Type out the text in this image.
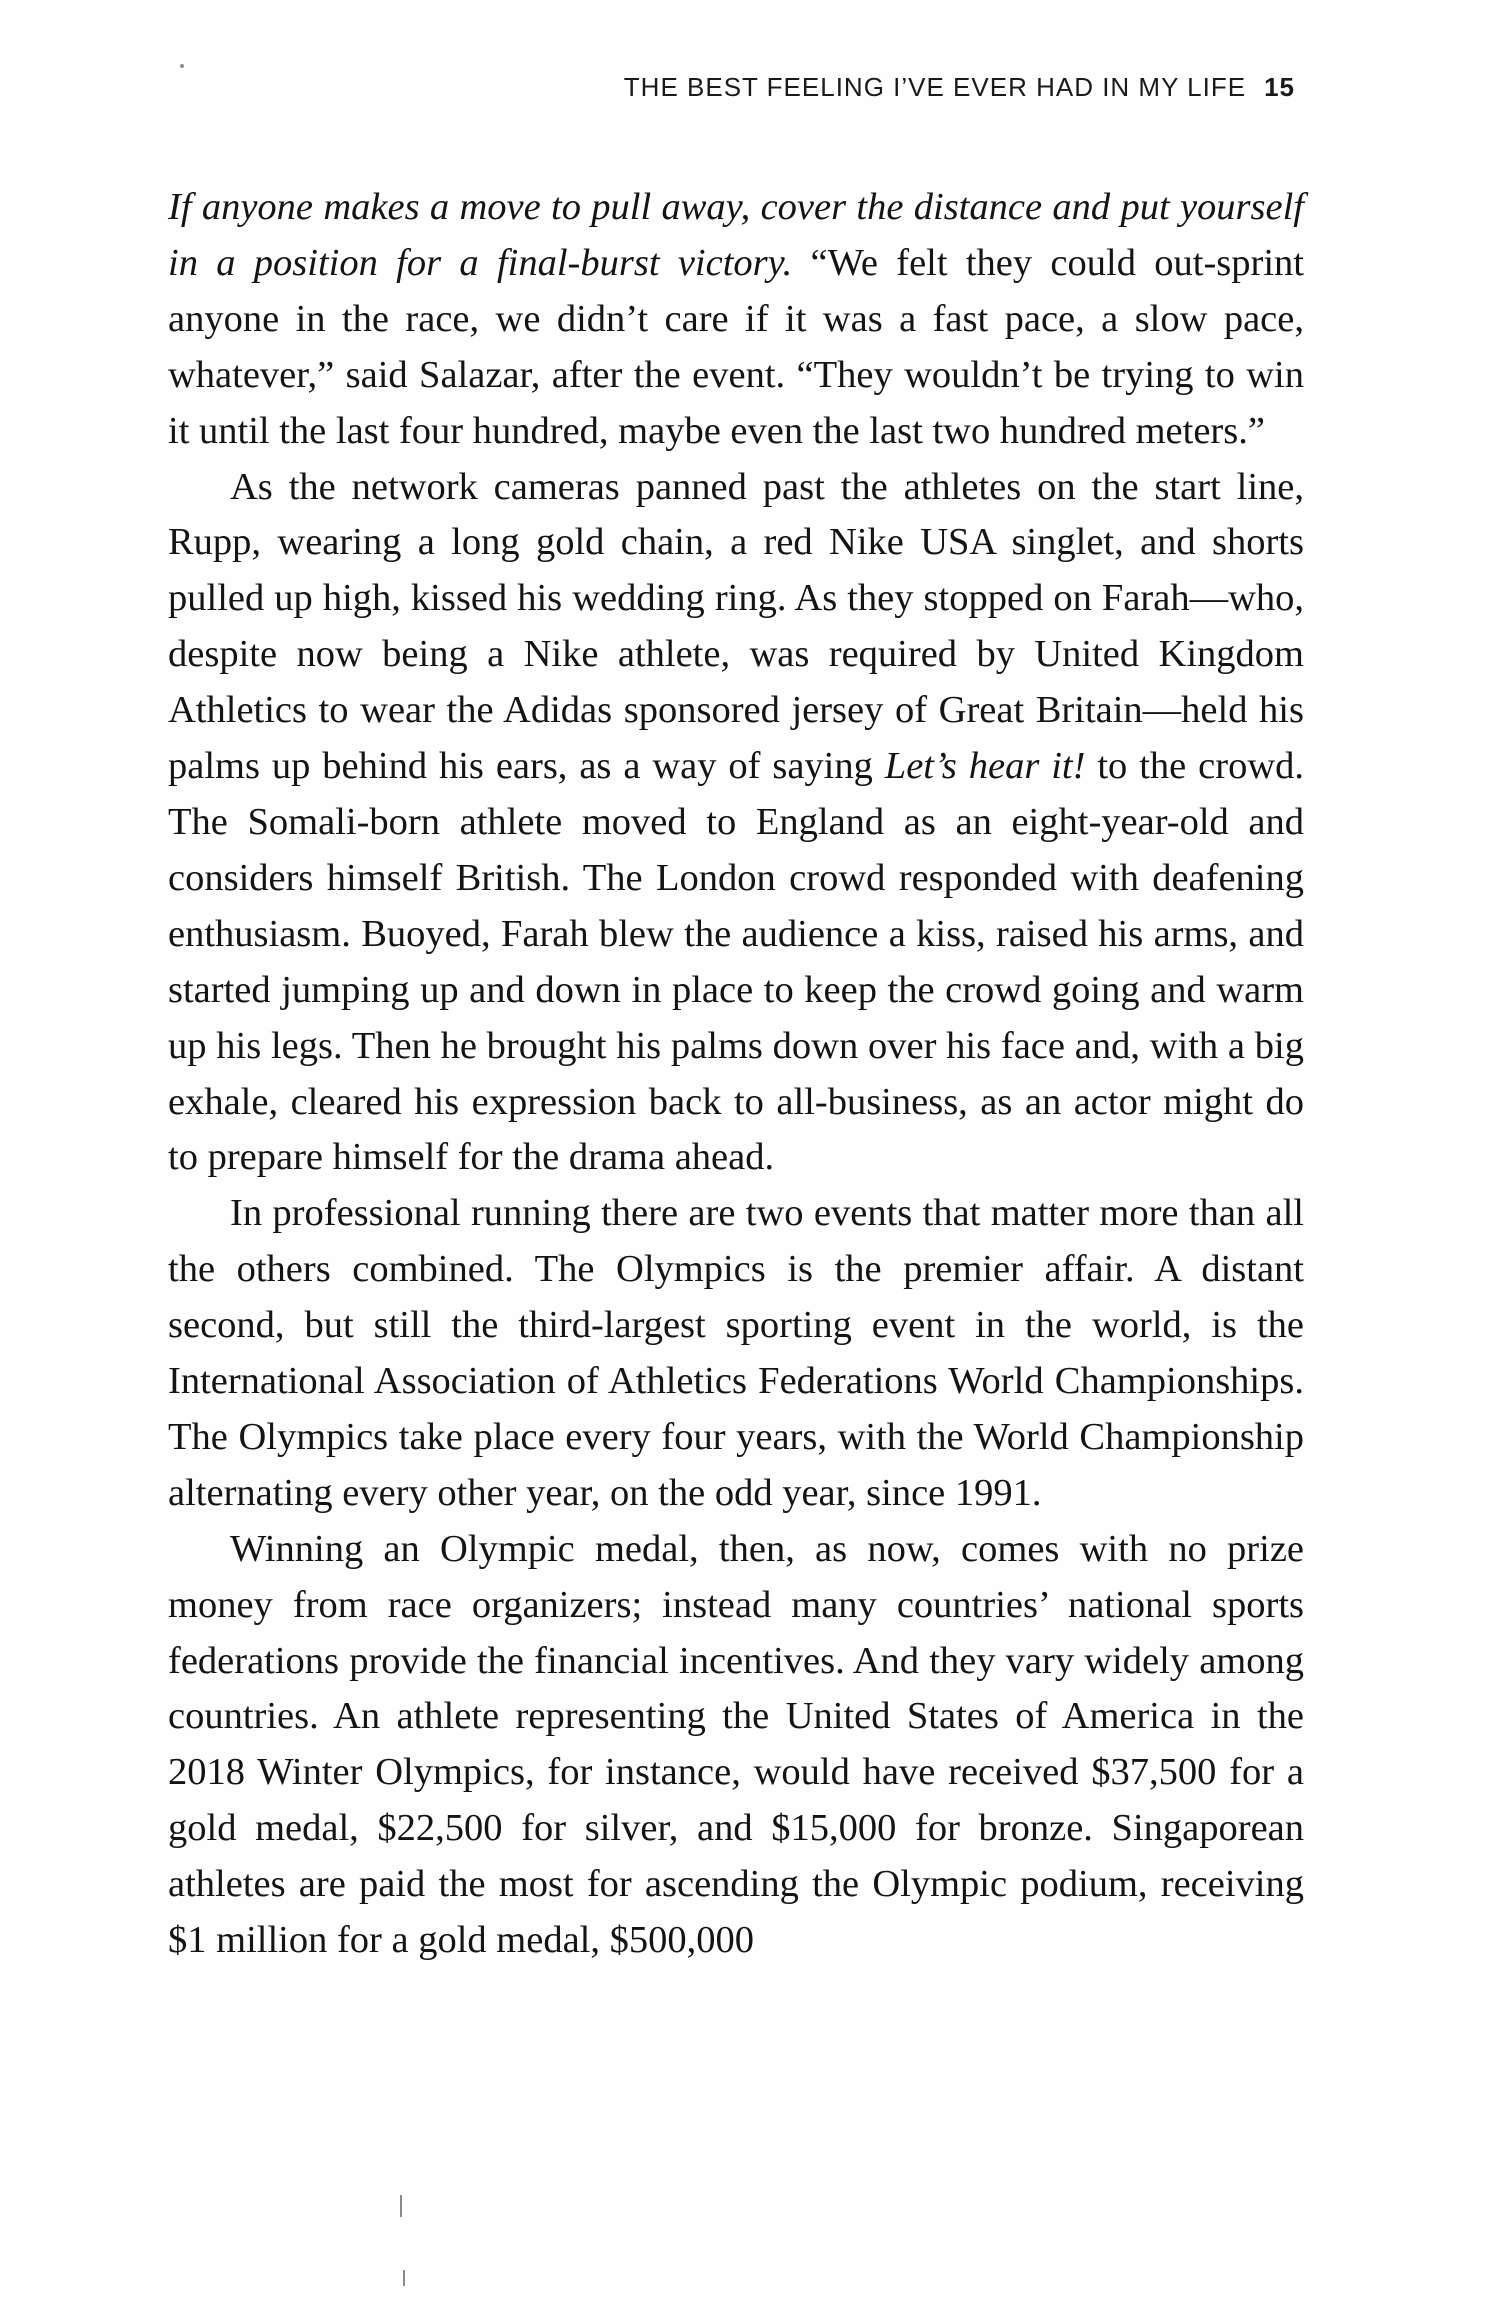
THE BEST FEELING I’VE EVER HAD IN MY LIFE 15

If anyone makes a move to pull away, cover the distance and put yourself in a position for a final-burst victory. “We felt they could out-sprint anyone in the race, we didn’t care if it was a fast pace, a slow pace, whatever,” said Salazar, after the event. “They wouldn’t be trying to win it until the last four hundred, maybe even the last two hundred meters.”

As the network cameras panned past the athletes on the start line, Rupp, wearing a long gold chain, a red Nike USA singlet, and shorts pulled up high, kissed his wedding ring. As they stopped on Farah—who, despite now being a Nike athlete, was required by United Kingdom Athletics to wear the Adidas sponsored jersey of Great Britain—held his palms up behind his ears, as a way of saying Let’s hear it! to the crowd. The Somali-born athlete moved to England as an eight-year-old and considers himself British. The London crowd responded with deafening enthusiasm. Buoyed, Farah blew the audience a kiss, raised his arms, and started jumping up and down in place to keep the crowd going and warm up his legs. Then he brought his palms down over his face and, with a big exhale, cleared his expression back to all-business, as an actor might do to prepare himself for the drama ahead.

In professional running there are two events that matter more than all the others combined. The Olympics is the premier affair. A distant second, but still the third-largest sporting event in the world, is the International Association of Athletics Federations World Championships. The Olympics take place every four years, with the World Championship alternating every other year, on the odd year, since 1991.

Winning an Olympic medal, then, as now, comes with no prize money from race organizers; instead many countries’ national sports federations provide the financial incentives. And they vary widely among countries. An athlete representing the United States of America in the 2018 Winter Olympics, for instance, would have received $37,500 for a gold medal, $22,500 for silver, and $15,000 for bronze. Singaporean athletes are paid the most for ascending the Olympic podium, receiving $1 million for a gold medal, $500,000
